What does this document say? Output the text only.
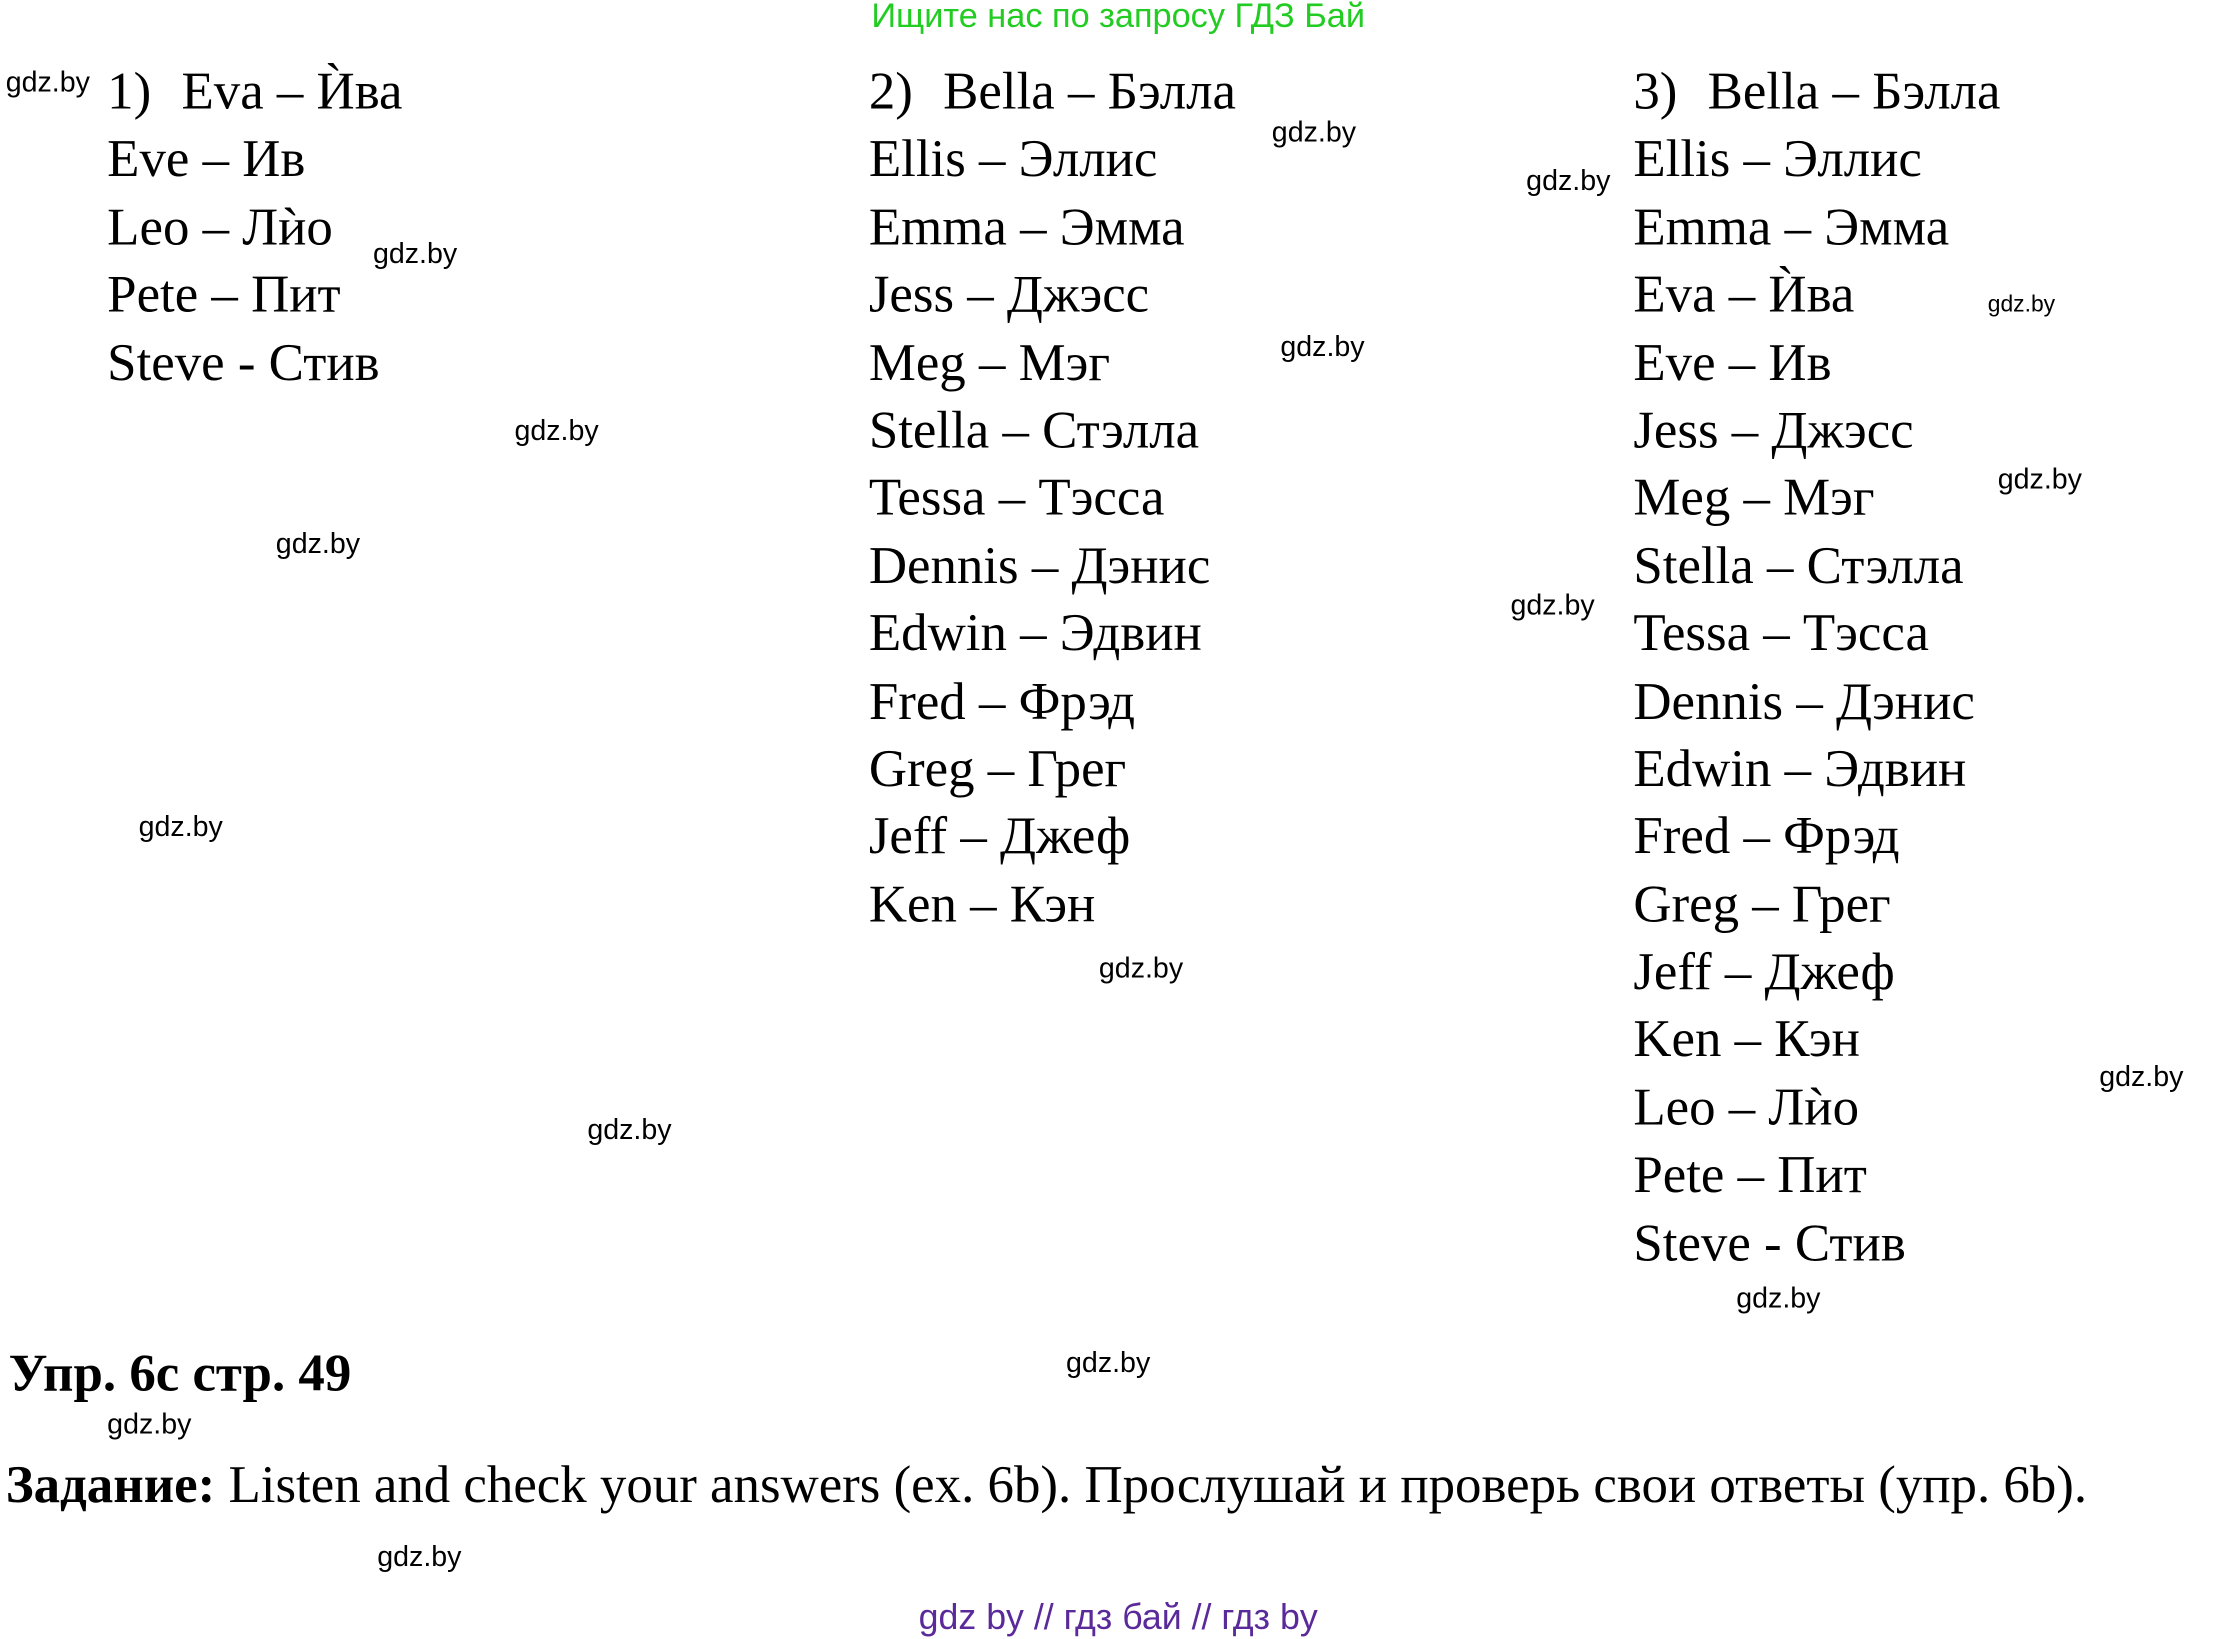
Ищите нас по запросу ГДЗ Бай
1) Eva – Ѝва
Eve – Ив
Leo – Лѝо
Pete – Пит
Steve - Стив
2) Bella – Бэлла
Ellis – Эллис
Emma – Эмма
Jess – Джэсс
Meg – Мэг
Stella – Стэлла
Tessa – Тэсса
Dennis – Дэнис
Edwin – Эдвин
Fred – Фрэд
Greg – Грег
Jeff – Джеф
Ken – Кэн
3) Bella – Бэлла
Ellis – Эллис
Emma – Эмма
Eva – Ѝва
Eve – Ив
Jess – Джэсс
Meg – Мэг
Stella – Стэлла
Tessa – Тэсса
Dennis – Дэнис
Edwin – Эдвин
Fred – Фрэд
Greg – Грег
Jeff – Джеф
Ken – Кэн
Leo – Лѝо
Pete – Пит
Steve - Стив
gdz.by
gdz.by
gdz.by
gdz.by
gdz.by
gdz.by
gdz.by
gdz.by
gdz.by
gdz.by
gdz.by
gdz.by
gdz.by
gdz.by
gdz.by
gdz.by
gdz.by
gdz.by
Упр. 6c стр. 49
Задание: Listen and check your answers (ex. 6b). Прослушай и проверь свои ответы (упр. 6b).
gdz by // гдз бай // гдз by
